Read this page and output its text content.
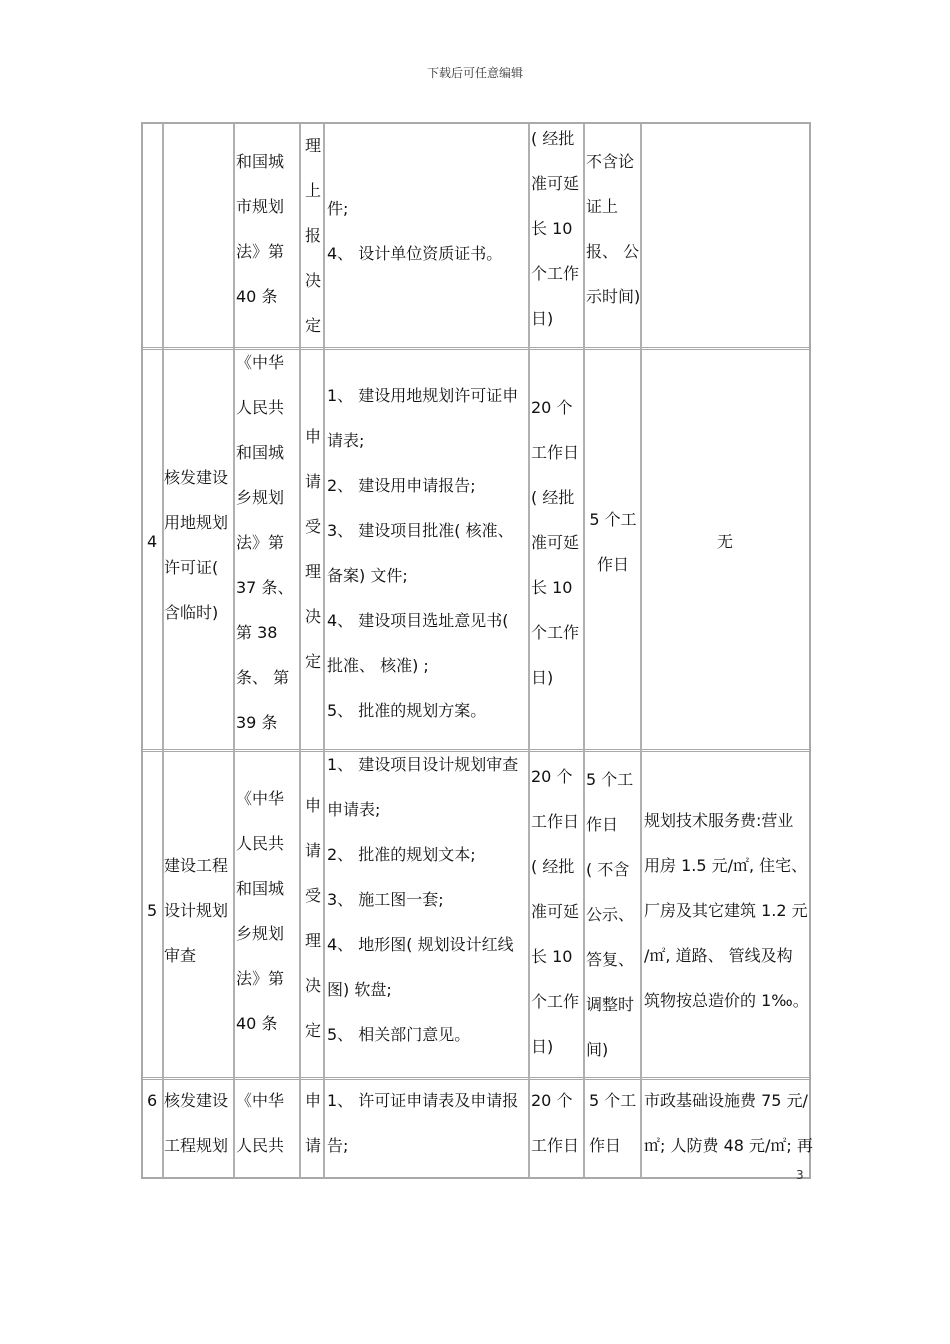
下载后可任意编辑
和国城
市规划
法》第
40 条
理
上
报
决
定
件;
4、 设计单位资质证书。
( 经批
准可延
长 10
个工作
日)
不含论
证上
报、 公
示时间)
4
核发建设
用地规划
许可证(
含临时)
《中华
人民共
和国城
乡规划
法》第
37 条、
第 38
条、 第
39 条
申
请
受
理
决
定
1、 建设用地规划许可证申
请表;
2、 建设用申请报告;
3、 建设项目批准( 核准、
备案) 文件;
4、 建设项目选址意见书(
批准、 核准) ;
5、 批准的规划方案。
20 个
工作日
( 经批
准可延
长 10
个工作
日)
5 个工
作日
无
5
建设工程
设计规划
审查
《中华
人民共
和国城
乡规划
法》第
40 条
申
请
受
理
决
定
1、 建设项目设计规划审查
申请表;
2、 批准的规划文本;
3、 施工图一套;
4、 地形图( 规划设计红线
图) 软盘;
5、 相关部门意见。
20 个
工作日
( 经批
准可延
长 10
个工作
日)
5 个工
作日
( 不含
公示、
答复、
调整时
间)
规划技术服务费:营业
用房 1.5 元/㎡, 住宅、
厂房及其它建筑 1.2 元
/㎡, 道路、 管线及构
筑物按总造价的 1‰。
6 核发建设
工程规划
《中华
人民共
申
请
1、 许可证申请表及申请报
告;
20 个
工作日
5 个工
作日
市政基础设施费 75 元/
㎡; 人防费 48 元/㎡; 再
3
